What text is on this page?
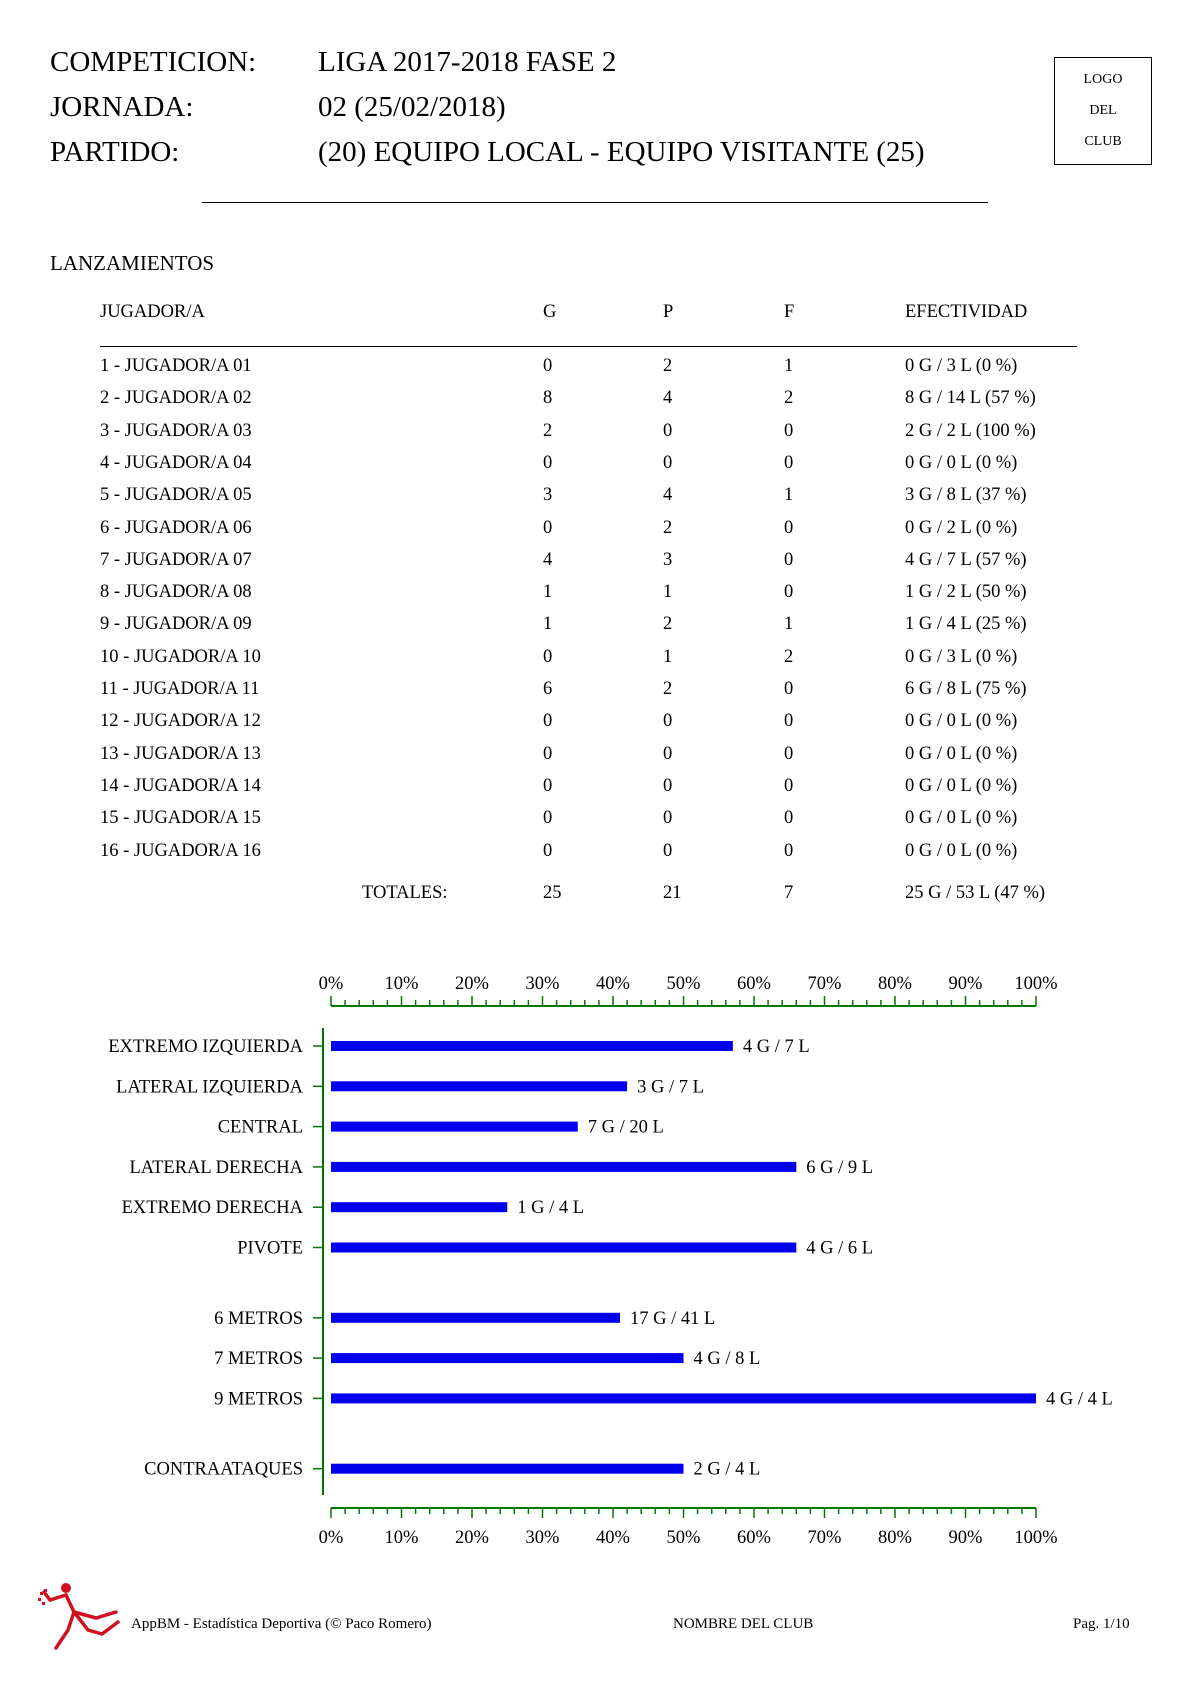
COMPETICION: LIGA 2017-2018 FASE 2
JORNADA:	02 (25/02/2018)
PARTIDO:	(20) EQUIPO LOCAL - EQUIPO VISITANTE (25)
LOGO
DEL
CLUB
LANZAMIENTOS
JUGADOR/A	G	P	F	EFECTIVIDAD
1 - JUGADOR/A 01	0	2	1	0 G / 3 L (0 %)
2 - JUGADOR/A 02	8	4	2	8 G / 14 L (57 %)
3 - JUGADOR/A 03	2	0	0	2 G / 2 L (100 %)
4 - JUGADOR/A 04	0	0	0	0 G / 0 L (0 %)
5 - JUGADOR/A 05	3	4	1	3 G / 8 L (37 %)
6 - JUGADOR/A 06	0	2	0	0 G / 2 L (0 %)
7 - JUGADOR/A 07	4	3	0	4 G / 7 L (57 %)
8 - JUGADOR/A 08	1	1	0	1 G / 2 L (50 %)
9 - JUGADOR/A 09	1	2	1	1 G / 4 L (25 %)
10 - JUGADOR/A 10	0	1	2	0 G / 3 L (0 %)
11 - JUGADOR/A 11	6	2	0	6 G / 8 L (75 %)
12 - JUGADOR/A 12	0	0	0	0 G / 0 L (0 %)
13 - JUGADOR/A 13	0	0	0	0 G / 0 L (0 %)
14 - JUGADOR/A 14	0	0	0	0 G / 0 L (0 %)
15 - JUGADOR/A 15	0	0	0	0 G / 0 L (0 %)
16 - JUGADOR/A 16	0	0	0	0 G / 0 L (0 %)
TOTALES:	25	21	7	25 G / 53 L (47 %)
0% 10% 20% 30% 40% 50% 60% 70% 80% 90% 100%
0% 10% 20% 30% 40% 50% 60% 70% 80% 90% 100%
EXTREMO IZQUIERDA	4 G / 7 L
LATERAL IZQUIERDA	3 G / 7 L
CENTRAL	7 G / 20 L
LATERAL DERECHA	6 G / 9 L
EXTREMO DERECHA	1 G / 4 L
PIVOTE	4 G / 6 L
6 METROS	17 G / 41 L
7 METROS	4 G / 8 L
9 METROS	4 G / 4 L
CONTRAATAQUES	2 G / 4 L
AppBM - Estadística Deportiva (© Paco Romero)	NOMBRE DEL CLUB	Pag. 1/10
